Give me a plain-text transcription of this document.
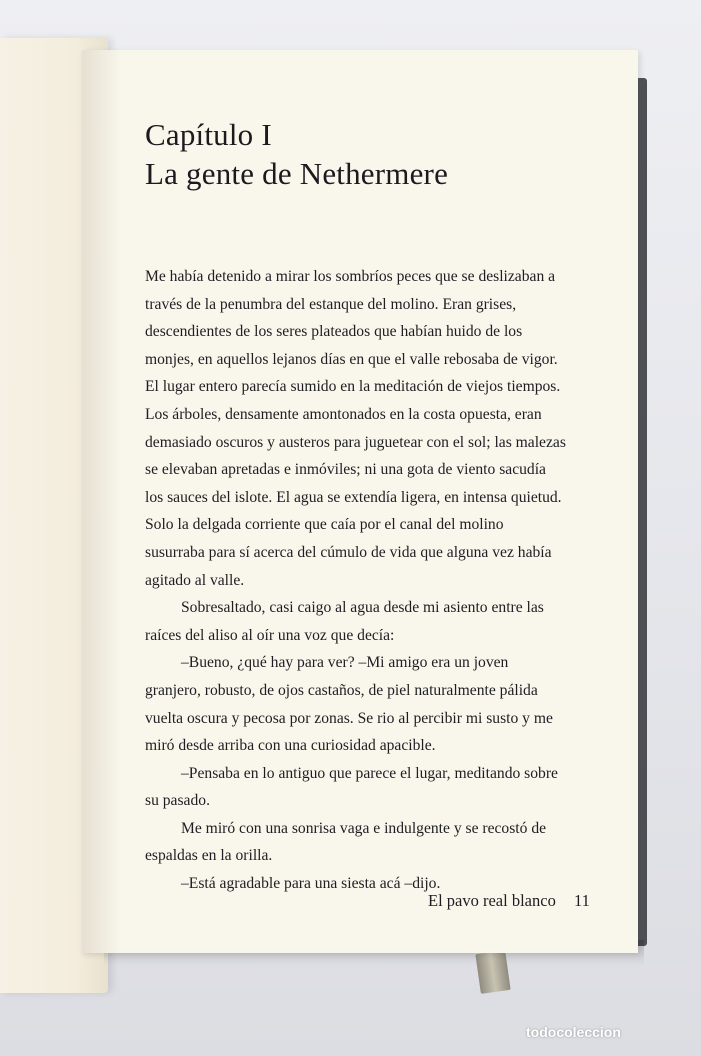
Capítulo I
La gente de Nethermere

Me había detenido a mirar los sombríos peces que se deslizaban a través de la penumbra del estanque del molino. Eran grises, descendientes de los seres plateados que habían huido de los monjes, en aquellos lejanos días en que el valle rebosaba de vigor. El lugar entero parecía sumido en la meditación de viejos tiempos. Los árboles, densamente amontonados en la costa opuesta, eran demasiado oscuros y austeros para juguetear con el sol; las malezas se elevaban apretadas e inmóviles; ni una gota de viento sacudía los sauces del islote. El agua se extendía ligera, en intensa quietud. Solo la delgada corriente que caía por el canal del molino susurraba para sí acerca del cúmulo de vida que alguna vez había agitado al valle.

Sobresaltado, casi caigo al agua desde mi asiento entre las raíces del aliso al oír una voz que decía:

–Bueno, ¿qué hay para ver? –Mi amigo era un joven granjero, robusto, de ojos castaños, de piel naturalmente pálida vuelta oscura y pecosa por zonas. Se rio al percibir mi susto y me miró desde arriba con una curiosidad apacible.

–Pensaba en lo antiguo que parece el lugar, meditando sobre su pasado.

Me miró con una sonrisa vaga e indulgente y se recostó de espaldas en la orilla.

–Está agradable para una siesta acá –dijo.

El pavo real blanco 11
todocoleccion
